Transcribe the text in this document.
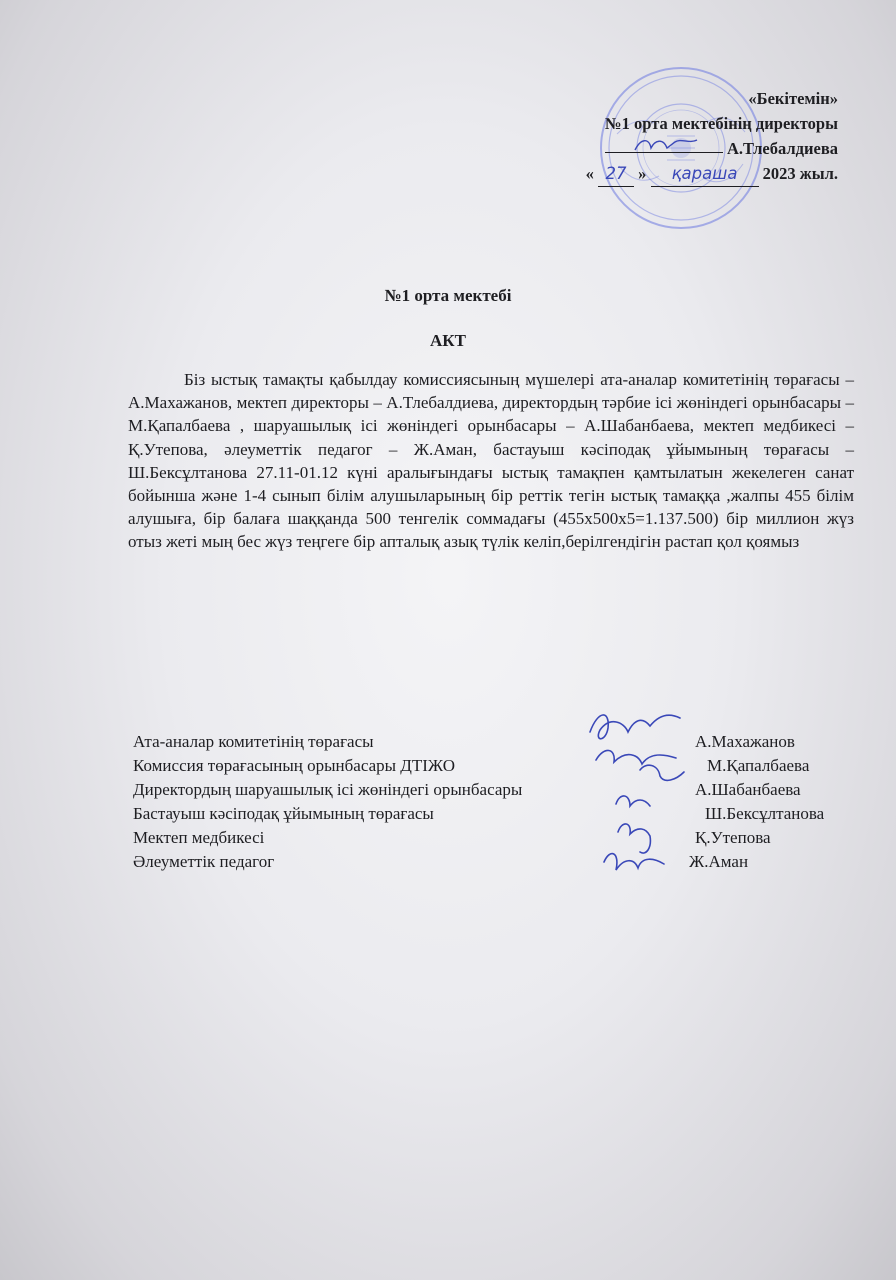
«Бекітемін»
№1 орта мектебінің директоры
А.Тлебалдиева
« 27 » қараша 2023 жыл.
№1 орта мектебі
АКТ

Біз ыстық тамақты қабылдау комиссиясының мүшелері ата-аналар комитетінің төрағасы – А.Махажанов, мектеп директоры – А.Тлебалдиева, директордың тәрбие ісі жөніндегі орынбасары – М.Қапалбаева , шаруашылық ісі жөніндегі орынбасары – А.Шабанбаева, мектеп медбикесі – Қ.Утепова, әлеуметтік педагог – Ж.Аман, бастауыш кәсіподақ ұйымының төрағасы – Ш.Бексұлтанова 27.11-01.12 күні аралығындағы ыстық тамақпен қамтылатын жекелеген санат бойынша және 1-4 сынып білім алушыларының бір реттік тегін ыстық тамаққа ,жалпы 455 білім алушыға, бір балаға шаққанда 500 тенгелік соммадағы (455х500х5=1.137.500) бір миллион жүз отыз жеті мың бес жүз теңгеге бір апталық азық түлік келіп,берілгендігін растап қол қоямыз

Ата-аналар комитетінің төрағасы	А.Махажанов
Комиссия төрағасының орынбасары ДТІЖО	М.Қапалбаева
Директордың шаруашылық ісі жөніндегі орынбасары	А.Шабанбаева
Бастауыш кәсіподақ ұйымының төрағасы	Ш.Бексұлтанова
Мектеп медбикесі	Қ.Утепова
Әлеуметтік педагог	Ж.Аман
